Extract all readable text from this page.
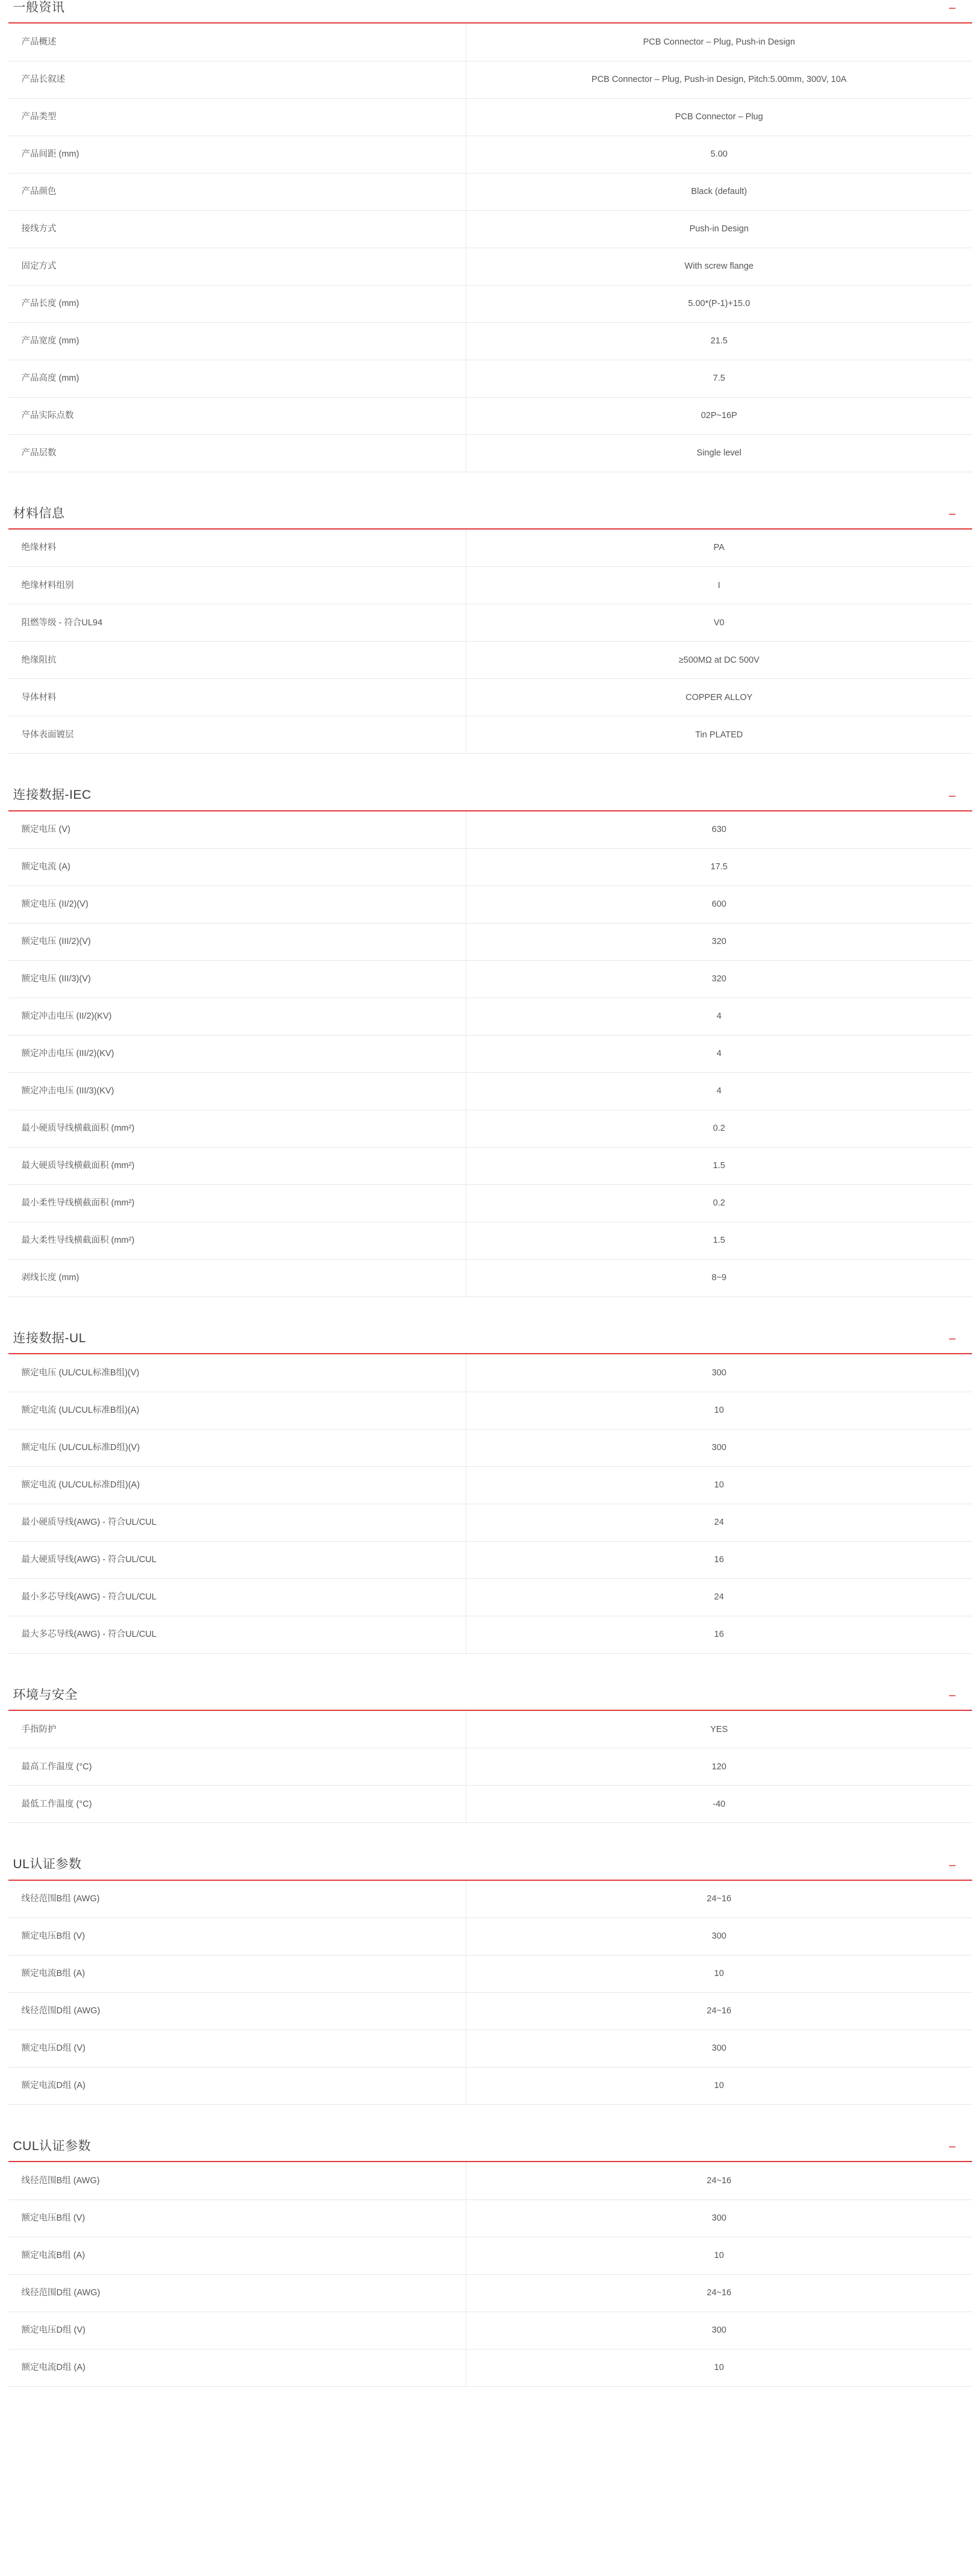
一般资讯	−
产品概述	PCB Connector – Plug, Push-in Design
产品长叙述	PCB Connector – Plug, Push-in Design, Pitch:5.00mm, 300V, 10A
产品类型	PCB Connector – Plug
产品间距 (mm)	5.00
产品颜色	Black (default)
接线方式	Push-in Design
固定方式	With screw flange
产品长度 (mm)	5.00*(P-1)+15.0
产品宽度 (mm)	21.5
产品高度 (mm)	7.5
产品实际点数	02P~16P
产品层数	Single level
材料信息	−
绝缘材料	PA
绝缘材料组别	I
阻燃等级 - 符合UL94	V0
绝缘阻抗	≥500MΩ at DC 500V
导体材料	COPPER ALLOY
导体表面镀层	Tin PLATED
连接数据-IEC	−
额定电压 (V)	630
额定电流 (A)	17.5
额定电压 (II/2)(V)	600
额定电压 (III/2)(V)	320
额定电压 (III/3)(V)	320
额定冲击电压 (II/2)(KV)	4
额定冲击电压 (III/2)(KV)	4
额定冲击电压 (III/3)(KV)	4
最小硬质导线横截面积 (mm²)	0.2
最大硬质导线横截面积 (mm²)	1.5
最小柔性导线横截面积 (mm²)	0.2
最大柔性导线横截面积 (mm²)	1.5
剥线长度 (mm)	8~9
连接数据-UL	−
额定电压 (UL/CUL标准B组)(V)	300
额定电流 (UL/CUL标准B组)(A)	10
额定电压 (UL/CUL标准D组)(V)	300
额定电流 (UL/CUL标准D组)(A)	10
最小硬质导线(AWG) - 符合UL/CUL	24
最大硬质导线(AWG) - 符合UL/CUL	16
最小多芯导线(AWG) - 符合UL/CUL	24
最大多芯导线(AWG) - 符合UL/CUL	16
环境与安全	−
手指防护	YES
最高工作温度 (°C)	120
最低工作温度 (°C)	-40
UL认证参数	−
线径范围B组 (AWG)	24~16
额定电压B组 (V)	300
额定电流B组 (A)	10
线径范围D组 (AWG)	24~16
额定电压D组 (V)	300
额定电流D组 (A)	10
CUL认证参数	−
线径范围B组 (AWG)	24~16
额定电压B组 (V)	300
额定电流B组 (A)	10
线径范围D组 (AWG)	24~16
额定电压D组 (V)	300
额定电流D组 (A)	10
